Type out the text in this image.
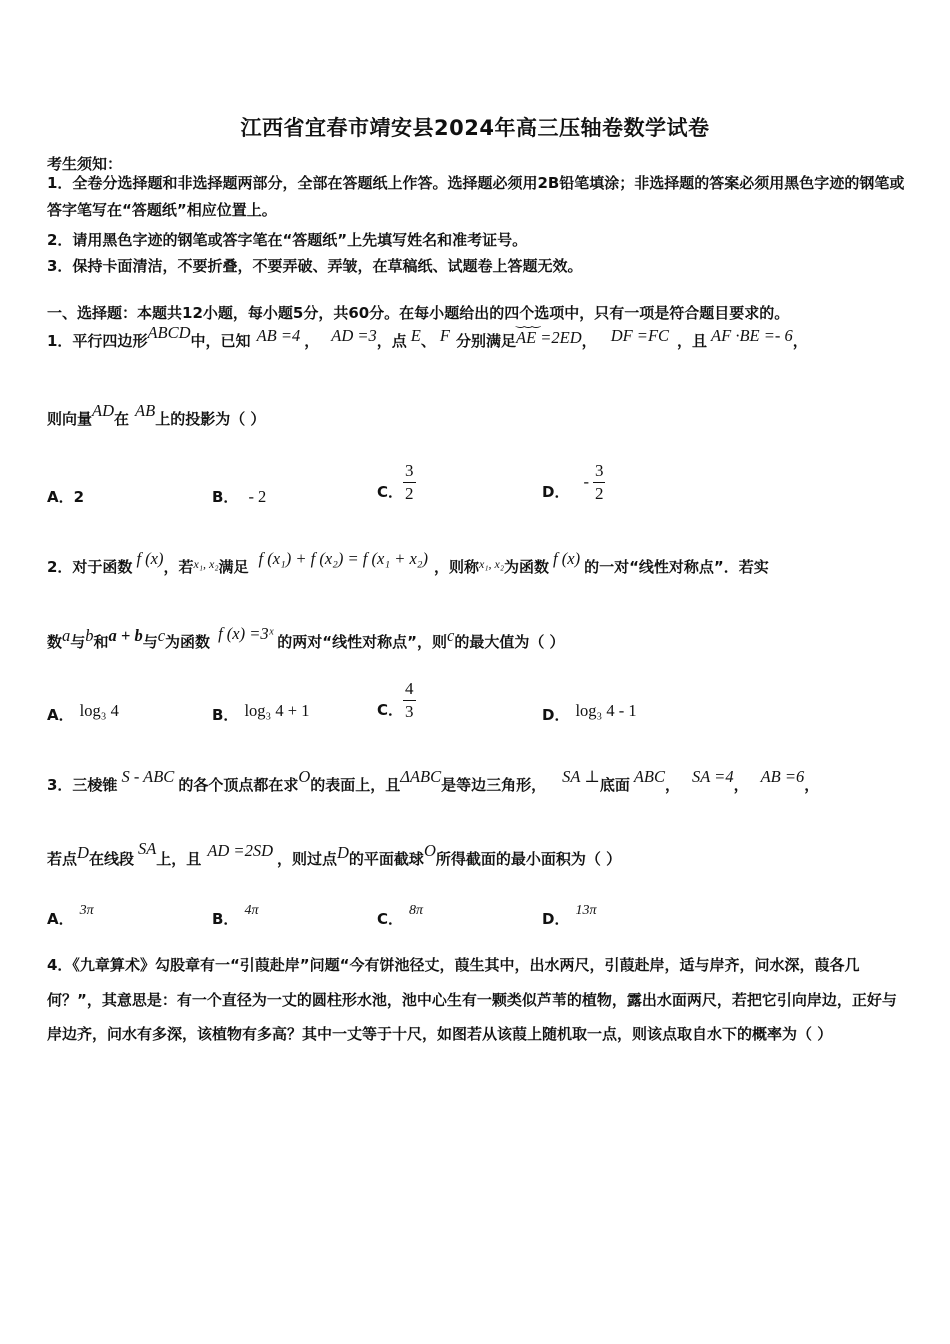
江西省宜春市靖安县2024年高三压轴卷数学试卷
考生须知：
1．全卷分选择题和非选择题两部分，全部在答题纸上作答。选择题必须用2B铅笔填涂；非选择题的答案必须用黑色字迹的钢笔或答字笔写在“答题纸”相应位置上。
2．请用黑色字迹的钢笔或答字笔在“答题纸”上先填写姓名和准考证号。
3．保持卡面清洁，不要折叠，不要弄破、弄皱，在草稿纸、试题卷上答题无效。
一、选择题：本题共12小题，每小题5分，共60分。在每小题给出的四个选项中，只有一项是符合题目要求的。
1．平行四边形ABCD中，已知 AB =4 ， AD =3，点 E、 F 分别满足‿‿‿ AE =2ED， DF =FC ，且 AF ·BE =- 6，
则向量AD在 AB上的投影为（ ）
A．2	B． - 2	C． $\frac{3}{2}$	D．- $\frac{3}{2}$
2．对于函数 f (x)，若$^{x_1, x_2}$满足 f (x₁) + f (x₂) = f (x₁ + x₂) ，则称$^{x_1, x_2}$为函数 f (x) 的一对“线性对称点”．若实
数a与b和a + b与c为函数 f (x) =3ˣ 的两对“线性对称点”，则c的最大值为（ ）
A． log₃ 4	B． log₃ 4 + 1	C． $\frac{4}{3}$	D． log₃ 4 - 1
3．三棱锥 S - ABC 的各个顶点都在求O的表面上，且ΔABC是等边三角形， SA ⊥底面 ABC， SA =4， AB =6，
若点D在线段SA上，且 AD =2SD ，则过点D的平面截球O所得截面的最小面积为（ ）
A． 3π	B． 4π	C． 8π	D． 13π
4．《九章算术》勾股章有一“引葭赴岸”问题“今有饼池径丈，葭生其中，出水两尺，引葭赴岸，适与岸齐，问水深，葭各几何？”，其意思是：有一个直径为一丈的圆柱形水池，池中心生有一颗类似芦苇的植物，露出水面两尺，若把它引向岸边，正好与岸边齐，问水有多深，该植物有多高？其中一丈等于十尺，如图若从该葭上随机取一点，则该点取自水下的概率为（ ）
